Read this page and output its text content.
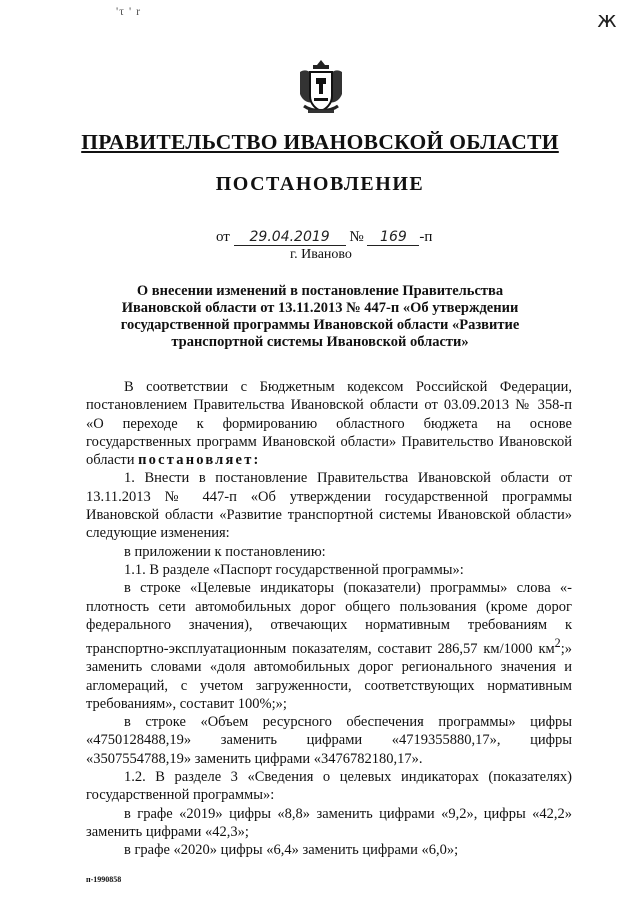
'τ ' r	ж
ПРАВИТЕЛЬСТВО ИВАНОВСКОЙ ОБЛАСТИ
ПОСТАНОВЛЕНИЕ
от 29.04.2019 № 169 -п
г. Иваново
О внесении изменений в постановление Правительства Ивановской области от 13.11.2013 № 447-п «Об утверждении государственной программы Ивановской области «Развитие транспортной системы Ивановской области»

В соответствии с Бюджетным кодексом Российской Федерации, постановлением Правительства Ивановской области от 03.09.2013 № 358-п «О переходе к формированию областного бюджета на основе государственных программ Ивановской области» Правительство Ивановской области постановляет:

1. Внести в постановление Правительства Ивановской области от 13.11.2013 № 447-п «Об утверждении государственной программы Ивановской области «Развитие транспортной системы Ивановской области» следующие изменения:

в приложении к постановлению:

1.1. В разделе «Паспорт государственной программы»:

в строке «Целевые индикаторы (показатели) программы» слова «- плотность сети автомобильных дорог общего пользования (кроме дорог федерального значения), отвечающих нормативным требованиям к транспортно-эксплуатационным показателям, составит 286,57 км/1000 $км^2$;» заменить словами «доля автомобильных дорог регионального значения и агломераций, с учетом загруженности, соответствующих нормативным требованиям», составит 100%;»;

в строке «Объем ресурсного обеспечения программы» цифры «4750128488,19» заменить цифрами «4719355880,17», цифры «3507554788,19» заменить цифрами «3476782180,17».

1.2. В разделе 3 «Сведения о целевых индикаторах (показателях) государственной программы»:

в графе «2019» цифры «8,8» заменить цифрами «9,2», цифры «42,2» заменить цифрами «42,3»;

в графе «2020» цифры «6,4» заменить цифрами «6,0»;

п-1990858
